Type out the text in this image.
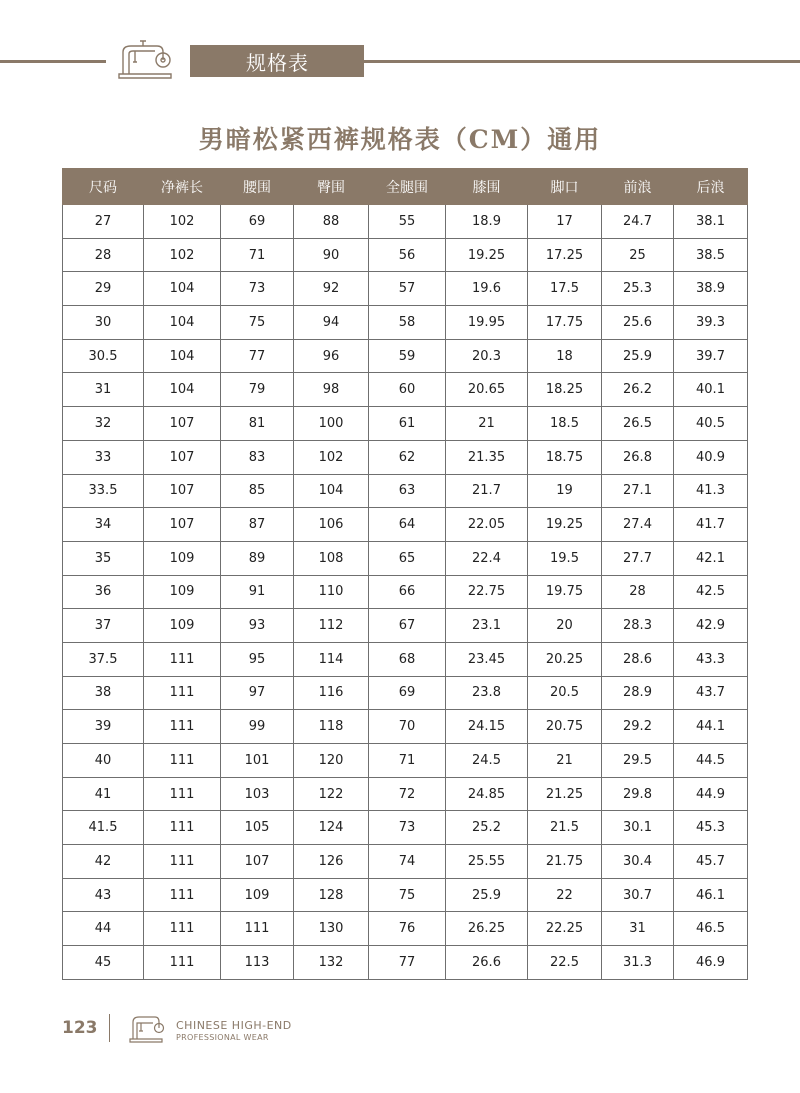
规格表
男暗松紧西裤规格表（CM）通用
尺码	净裤长	腰围	臀围	全腿围	膝围	脚口	前浪	后浪
27	102	69	88	55	18.9	17	24.7	38.1
28	102	71	90	56	19.25	17.25	25	38.5
29	104	73	92	57	19.6	17.5	25.3	38.9
30	104	75	94	58	19.95	17.75	25.6	39.3
30.5	104	77	96	59	20.3	18	25.9	39.7
31	104	79	98	60	20.65	18.25	26.2	40.1
32	107	81	100	61	21	18.5	26.5	40.5
33	107	83	102	62	21.35	18.75	26.8	40.9
33.5	107	85	104	63	21.7	19	27.1	41.3
34	107	87	106	64	22.05	19.25	27.4	41.7
35	109	89	108	65	22.4	19.5	27.7	42.1
36	109	91	110	66	22.75	19.75	28	42.5
37	109	93	112	67	23.1	20	28.3	42.9
37.5	111	95	114	68	23.45	20.25	28.6	43.3
38	111	97	116	69	23.8	20.5	28.9	43.7
39	111	99	118	70	24.15	20.75	29.2	44.1
40	111	101	120	71	24.5	21	29.5	44.5
41	111	103	122	72	24.85	21.25	29.8	44.9
41.5	111	105	124	73	25.2	21.5	30.1	45.3
42	111	107	126	74	25.55	21.75	30.4	45.7
43	111	109	128	75	25.9	22	30.7	46.1
44	111	111	130	76	26.25	22.25	31	46.5
45	111	113	132	77	26.6	22.5	31.3	46.9
123	CHINESE HIGH-END
PROFESSIONAL WEAR
